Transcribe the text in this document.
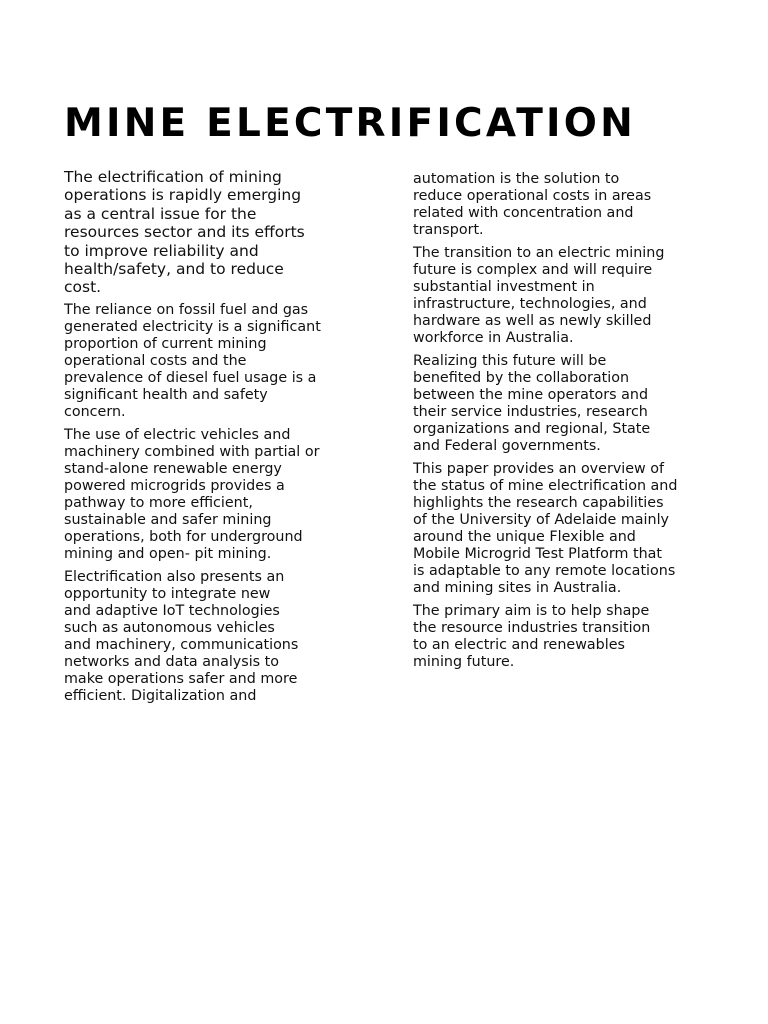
MINE ELECTRIFICATION

The electrification of mining
operations is rapidly emerging
as a central issue for the
resources sector and its efforts
to improve reliability and
health/safety, and to reduce
cost.

The reliance on fossil fuel and gas
generated electricity is a significant
proportion of current mining
operational costs and the
prevalence of diesel fuel usage is a
significant health and safety
concern.

The use of electric vehicles and
machinery combined with partial or
stand-alone renewable energy
powered microgrids provides a
pathway to more efficient,
sustainable and safer mining
operations, both for underground
mining and open- pit mining.

Electrification also presents an
opportunity to integrate new
and adaptive IoT technologies
such as autonomous vehicles
and machinery, communications
networks and data analysis to
make operations safer and more
efficient. Digitalization and

automation is the solution to
reduce operational costs in areas
related with concentration and
transport.

The transition to an electric mining
future is complex and will require
substantial investment in
infrastructure, technologies, and
hardware as well as newly skilled
workforce in Australia.

Realizing this future will be
benefited by the collaboration
between the mine operators and
their service industries, research
organizations and regional, State
and Federal governments.

This paper provides an overview of
the status of mine electrification and
highlights the research capabilities
of the University of Adelaide mainly
around the unique Flexible and
Mobile Microgrid Test Platform that
is adaptable to any remote locations
and mining sites in Australia.

The primary aim is to help shape
the resource industries transition
to an electric and renewables
mining future.
